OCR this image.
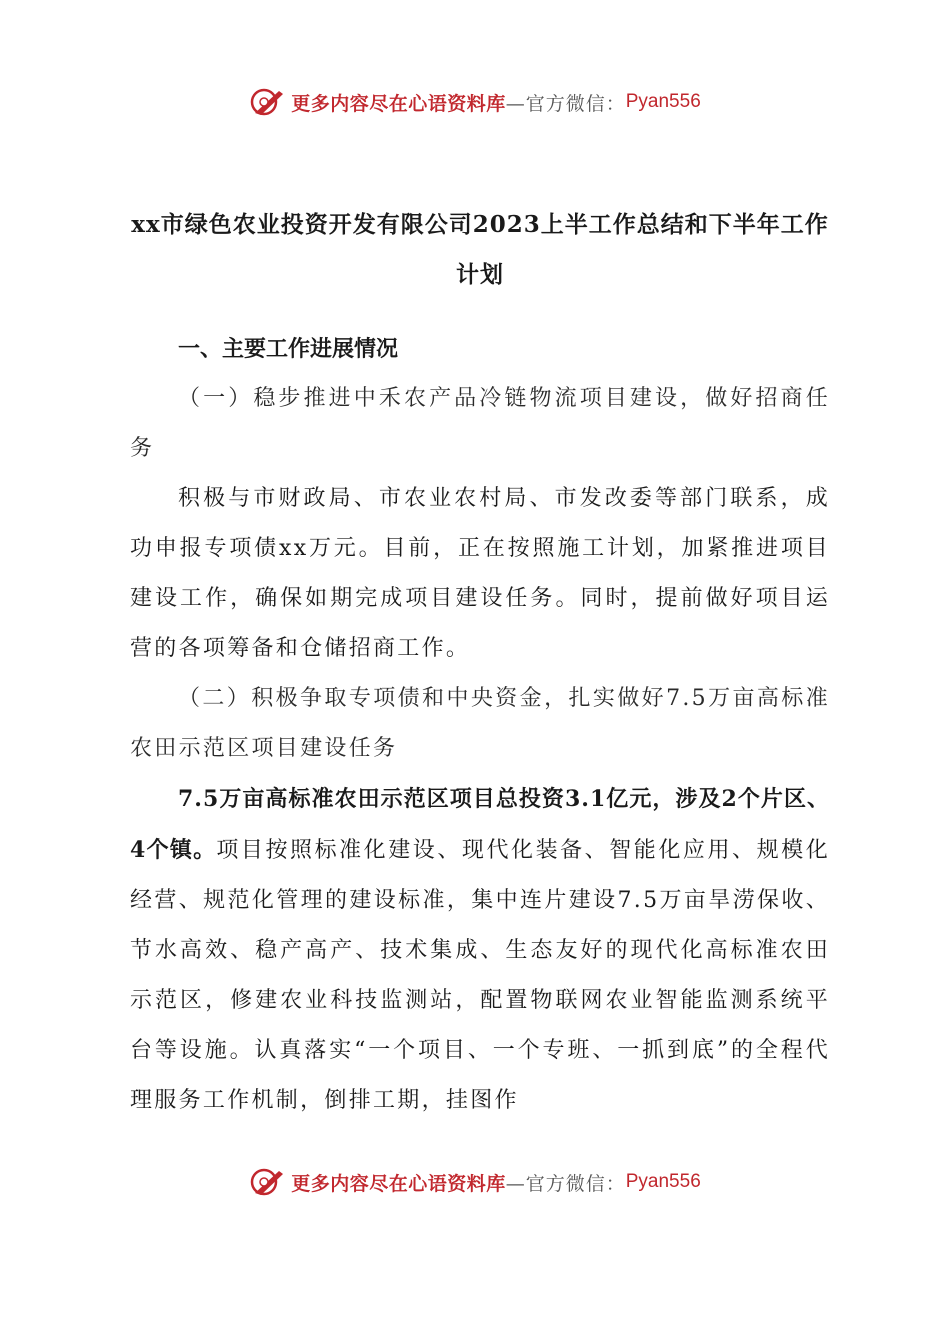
更多内容尽在心语资料库 —官方微信： Pyan556

xx市绿色农业投资开发有限公司2023上半工作总结和下半年工作计划

一、主要工作进展情况

（一）稳步推进中禾农产品冷链物流项目建设，做好招商任务

积极与市财政局、市农业农村局、市发改委等部门联系，成功申报专项债xx万元。目前，正在按照施工计划，加紧推进项目建设工作，确保如期完成项目建设任务。同时，提前做好项目运营的各项筹备和仓储招商工作。

（二）积极争取专项债和中央资金，扎实做好7.5万亩高标准农田示范区项目建设任务

7.5万亩高标准农田示范区项目总投资3.1亿元，涉及2个片区、4个镇。项目按照标准化建设、现代化装备、智能化应用、规模化经营、规范化管理的建设标准，集中连片建设7.5万亩旱涝保收、节水高效、稳产高产、技术集成、生态友好的现代化高标准农田示范区，修建农业科技监测站，配置物联网农业智能监测系统平台等设施。认真落实“一个项目、一个专班、一抓到底”的全程代理服务工作机制，倒排工期，挂图作

更多内容尽在心语资料库 —官方微信： Pyan556
